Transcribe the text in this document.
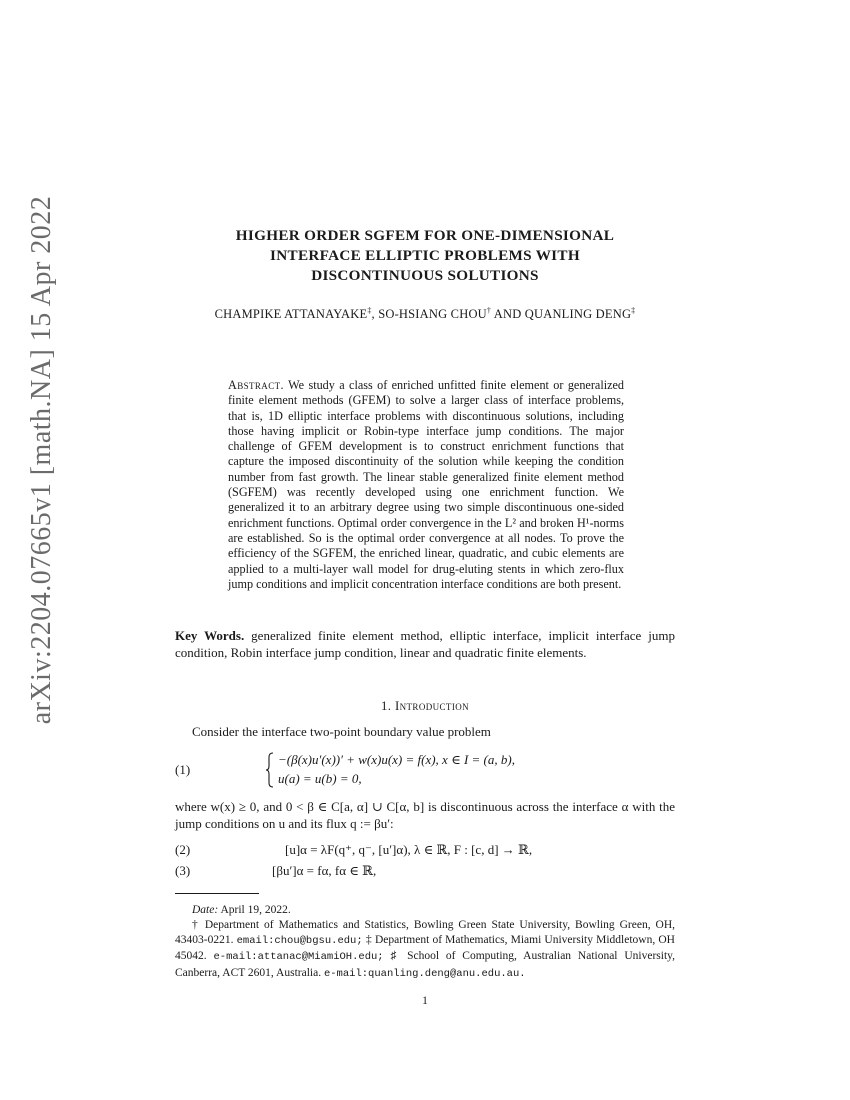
arXiv:2204.07665v1 [math.NA] 15 Apr 2022	HIGHER ORDER SGFEM FOR ONE-DIMENSIONAL
INTERFACE ELLIPTIC PROBLEMS WITH
DISCONTINUOUS SOLUTIONS
CHAMPIKE ATTANAYAKE‡, SO-HSIANG CHOU† AND QUANLING DENG‡
Abstract. We study a class of enriched unfitted finite element or generalized finite element methods (GFEM) to solve a larger class of interface problems, that is, 1D elliptic interface problems with discontinuous solutions, including those having implicit or Robin-type interface jump conditions. The major challenge of GFEM development is to construct enrichment functions that capture the imposed discontinuity of the solution while keeping the condition number from fast growth. The linear stable generalized finite element method (SGFEM) was recently developed using one enrichment function. We generalized it to an arbitrary degree using two simple discontinuous one-sided enrichment functions. Optimal order convergence in the L² and broken H¹-norms are established. So is the optimal order convergence at all nodes. To prove the efficiency of the SGFEM, the enriched linear, quadratic, and cubic elements are applied to a multi-layer wall model for drug-eluting stents in which zero-flux jump conditions and implicit concentration interface conditions are both present.
Key Words. generalized finite element method, elliptic interface, implicit interface jump condition, Robin interface jump condition, linear and quadratic finite elements.
1. Introduction
Consider the interface two-point boundary value problem
(1)
−(β(x)u′(x))′ + w(x)u(x) = f(x), x ∈ I = (a, b),
u(a) = u(b) = 0,
where w(x) ≥ 0, and 0 < β ∈ C[a, α] ∪ C[α, b] is discontinuous across the interface α with the jump conditions on u and its flux q := βu′:
(2)	[u]α = λF(q⁺, q⁻, [u′]α), λ ∈ ℝ, F : [c, d] → ℝ,
(3)	[βu′]α = fα, fα ∈ ℝ,
Date: April 19, 2022.
† Department of Mathematics and Statistics, Bowling Green State University, Bowling Green, OH, 43403-0221. email:chou@bgsu.edu; ‡ Department of Mathematics, Miami University Middletown, OH 45042. e-mail:attanac@MiamiOH.edu; ♯ School of Computing, Australian National University, Canberra, ACT 2601, Australia. e-mail:quanling.deng@anu.edu.au.
1
